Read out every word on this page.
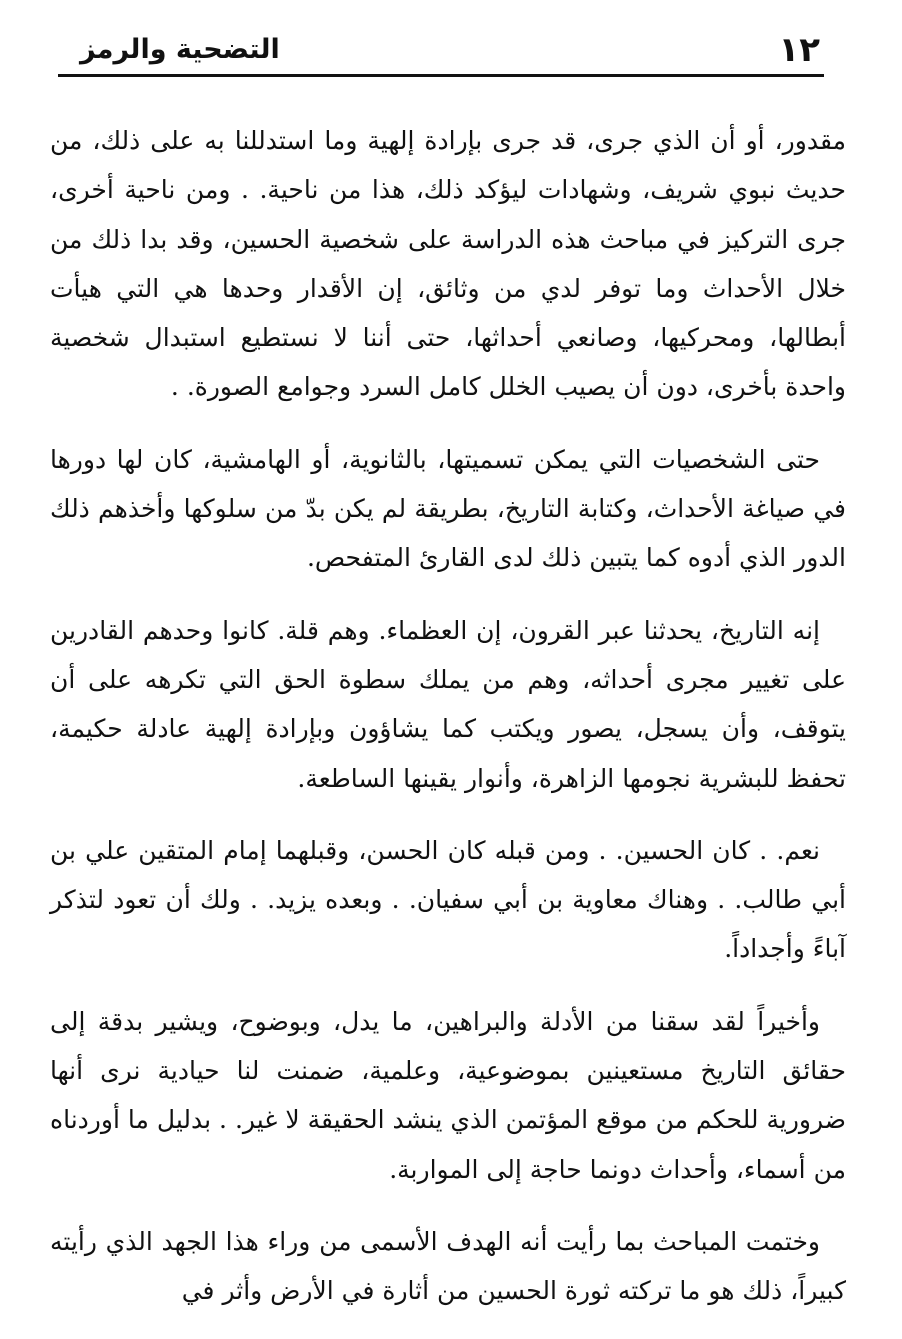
١٢
التضحية والرمز

مقدور، أو أن الذي جرى، قد جرى بإرادة إلهية وما استدللنا به على ذلك، من حديث نبوي شريف، وشهادات ليؤكد ذلك، هذا من ناحية. . ومن ناحية أخرى، جرى التركيز في مباحث هذه الدراسة على شخصية الحسين، وقد بدا ذلك من خلال الأحداث وما توفر لدي من وثائق، إن الأقدار وحدها هي التي هيأت أبطالها، ومحركيها، وصانعي أحداثها، حتى أننا لا نستطيع استبدال شخصية واحدة بأخرى، دون أن يصيب الخلل كامل السرد وجوامع الصورة. .

حتى الشخصيات التي يمكن تسميتها، بالثانوية، أو الهامشية، كان لها دورها في صياغة الأحداث، وكتابة التاريخ، بطريقة لم يكن بدّ من سلوكها وأخذهم ذلك الدور الذي أدوه كما يتبين ذلك لدى القارئ المتفحص.

إنه التاريخ، يحدثنا عبر القرون، إن العظماء. وهم قلة. كانوا وحدهم القادرين على تغيير مجرى أحداثه، وهم من يملك سطوة الحق التي تكرهه على أن يتوقف، وأن يسجل، يصور ويكتب كما يشاؤون وبإرادة إلهية عادلة حكيمة، تحفظ للبشرية نجومها الزاهرة، وأنوار يقينها الساطعة.

نعم. . كان الحسين. . ومن قبله كان الحسن، وقبلهما إمام المتقين علي بن أبي طالب. . وهناك معاوية بن أبي سفيان. . وبعده يزيد. . ولك أن تعود لتذكر آباءً وأجداداً.

وأخيراً لقد سقنا من الأدلة والبراهين، ما يدل، وبوضوح، ويشير بدقة إلى حقائق التاريخ مستعينين بموضوعية، وعلمية، ضمنت لنا حيادية نرى أنها ضرورية للحكم من موقع المؤتمن الذي ينشد الحقيقة لا غير. . بدليل ما أوردناه من أسماء، وأحداث دونما حاجة إلى المواربة.

وختمت المباحث بما رأيت أنه الهدف الأسمى من وراء هذا الجهد الذي رأيته كبيراً، ذلك هو ما تركته ثورة الحسين من أثارة في الأرض وأثر في
